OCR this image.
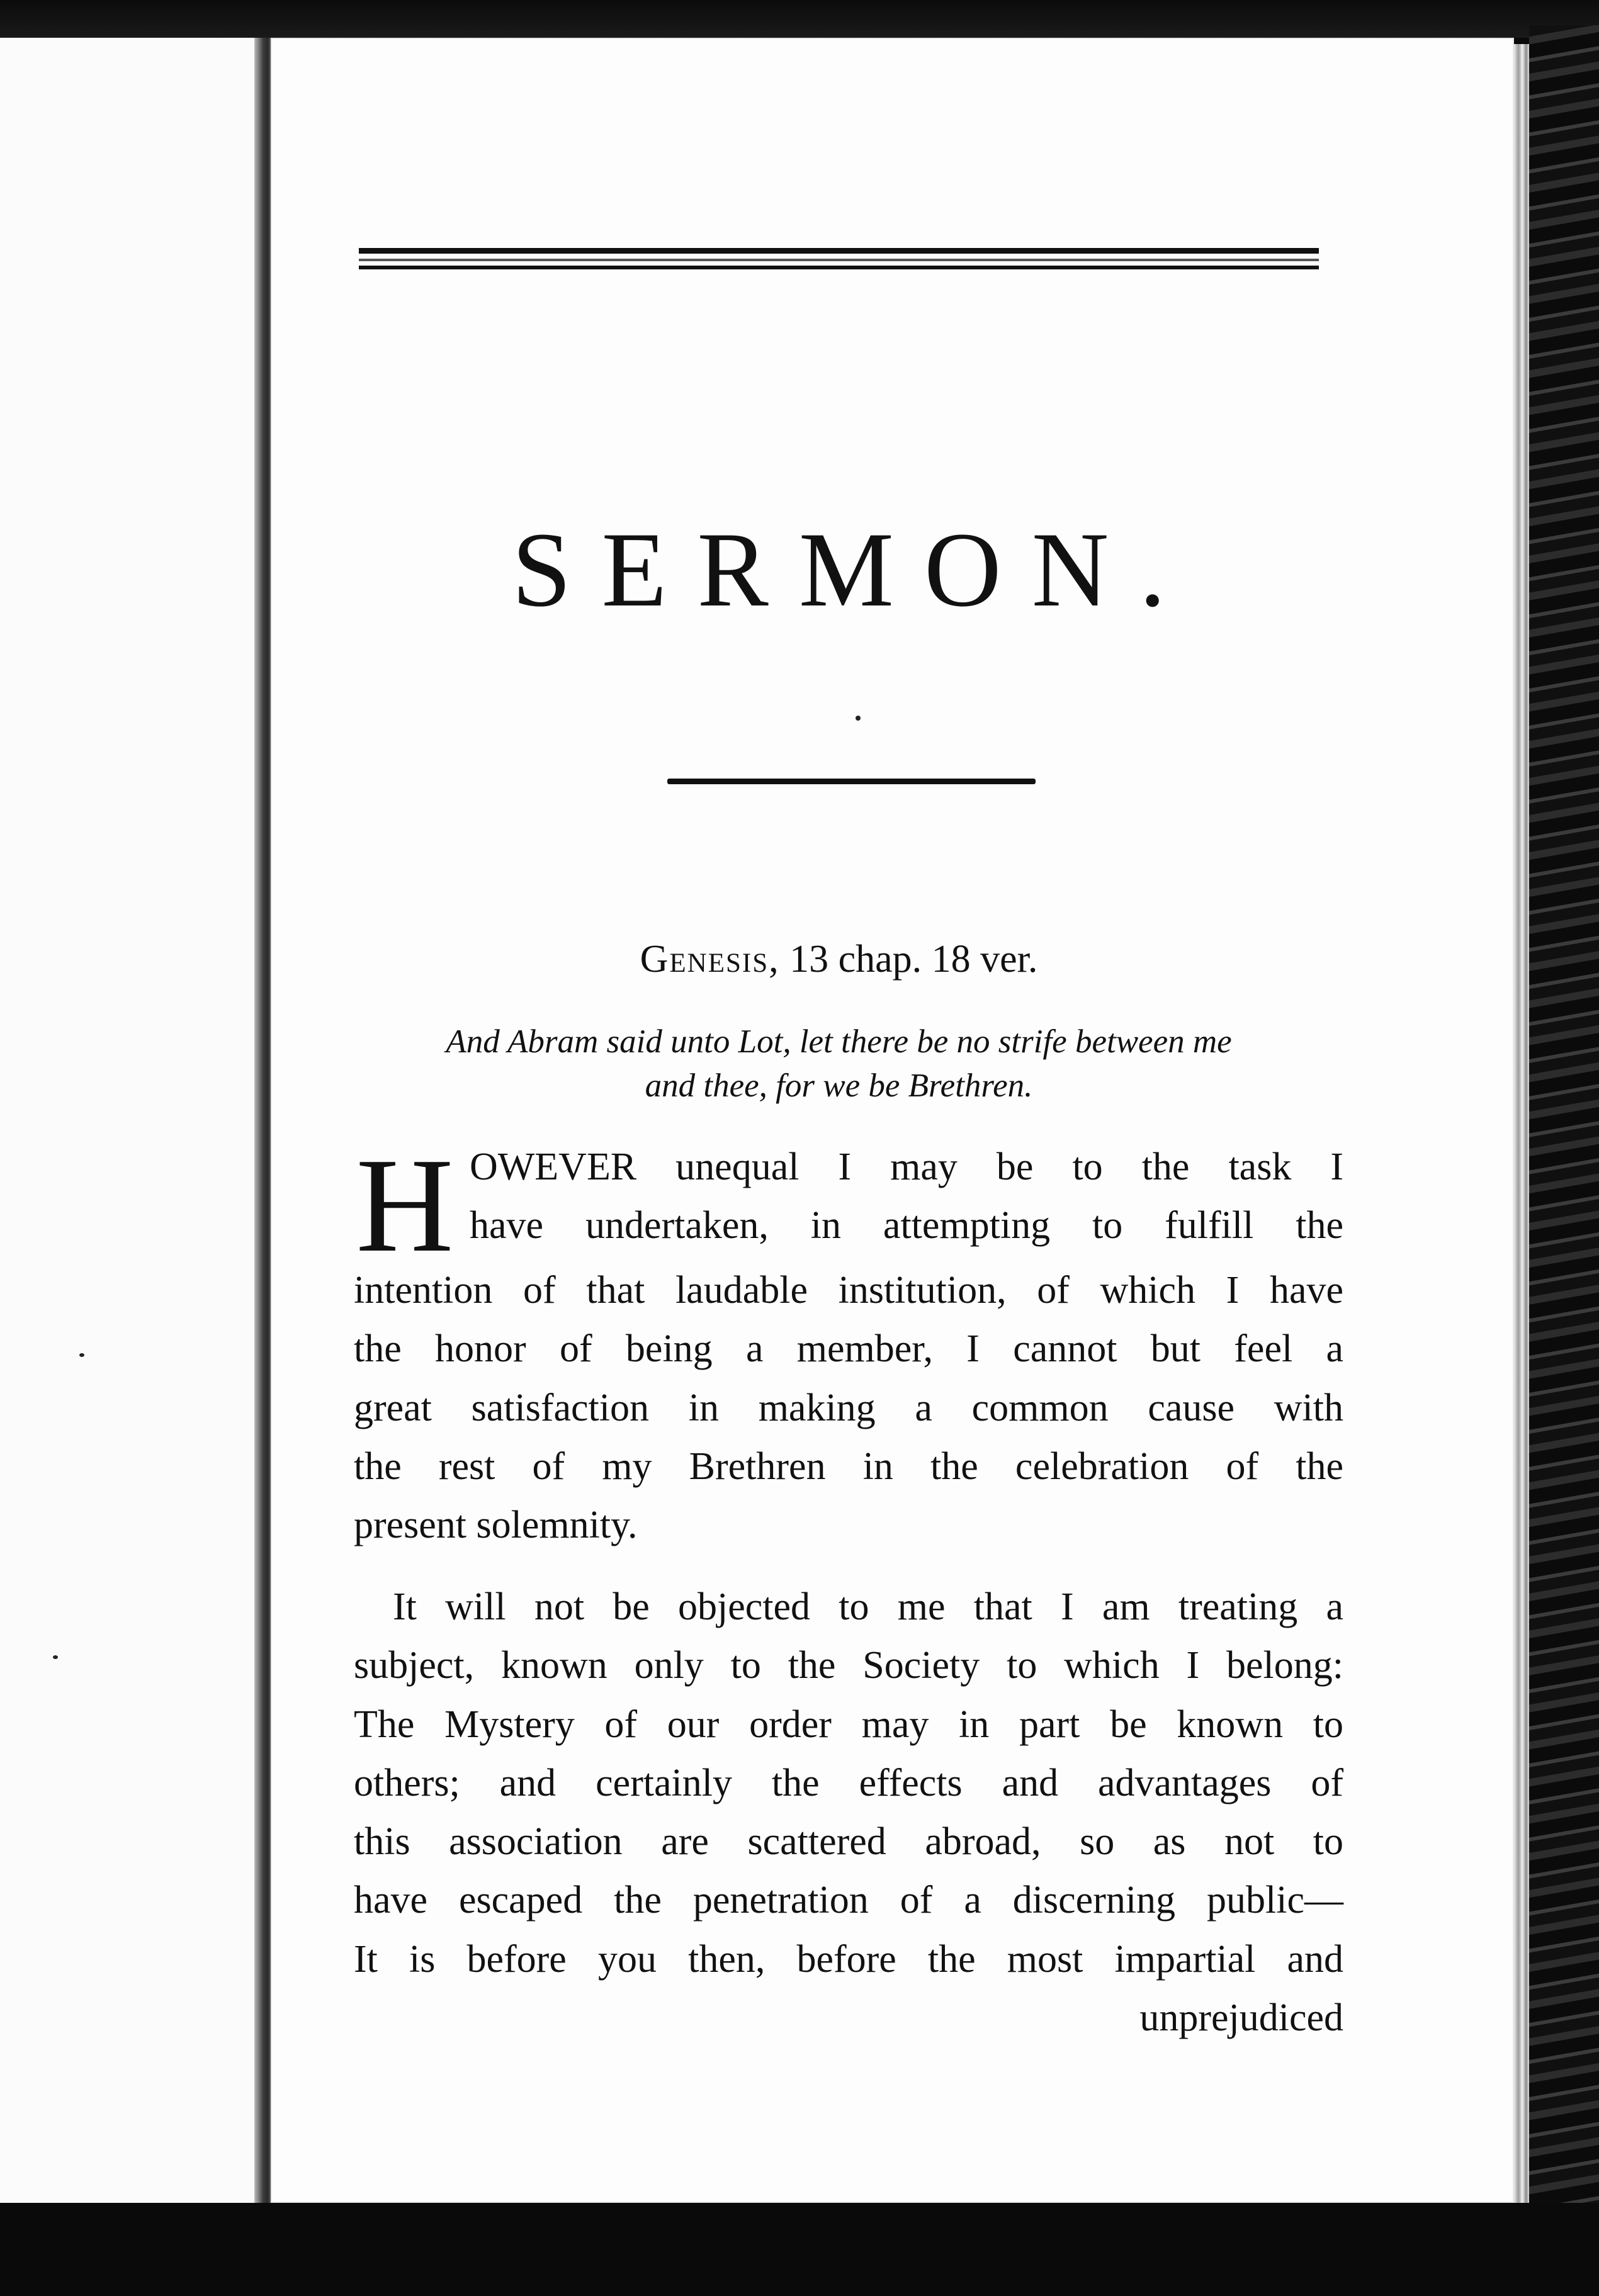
SERMON.

Genesis, 13 chap. 18 ver.

And Abram said unto Lot, let there be no strife between me
and thee, for we be Brethren.

H OWEVER unequal I may be to the task I
have undertaken, in attempting to fulfill the
intention of that laudable institution, of which I have
the honor of being a member, I cannot but feel a
great satisfaction in making a common cause with
the rest of my Brethren in the celebration of the
present solemnity.
It will not be objected to me that I am treating a
subject, known only to the Society to which I belong:
The Mystery of our order may in part be known to
others; and certainly the effects and advantages of
this association are scattered abroad, so as not to
have escaped the penetration of a discerning public—
It is before you then, before the most impartial and
unprejudiced
